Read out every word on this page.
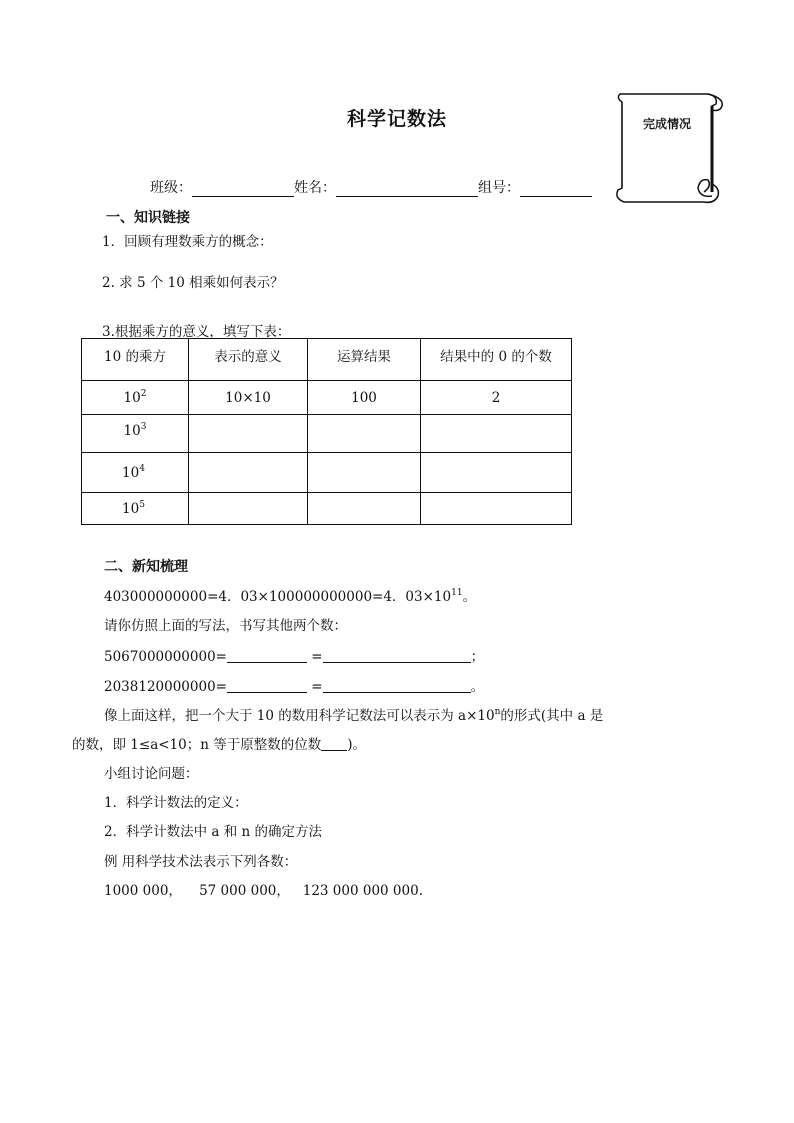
科学记数法	完成情况
班级：	姓名：	组号：
一、知识链接
1．回顾有理数乘方的概念：
2. 求 5 个 10 相乘如何表示？
3.根据乘方的意义，填写下表：
10 的乘方	表示的意义	运算结果	结果中的 0 的个数
$10^2$	10×10	100	2
$10^3$			
$10^4$			
$10^5$			
二、新知梳理
403000000000=4．03×100000000000=4．$03\times 10^{11}$。
请你仿照上面的写法，书写其他两个数：
5067000000000=	=	；
2038120000000=	=	。
像上面这样，把一个大于 10 的数用科学记数法可以表示为 $a\times 10^n$的形式(其中 a 是
的数，即 1≤a<10；n 等于原整数的位数 )。
小组讨论问题：
1．科学计数法的定义：
2．科学计数法中 a 和 n 的确定方法
例 用科学技术法表示下列各数：
1000 000，    57 000 000，   123 000 000 000.
